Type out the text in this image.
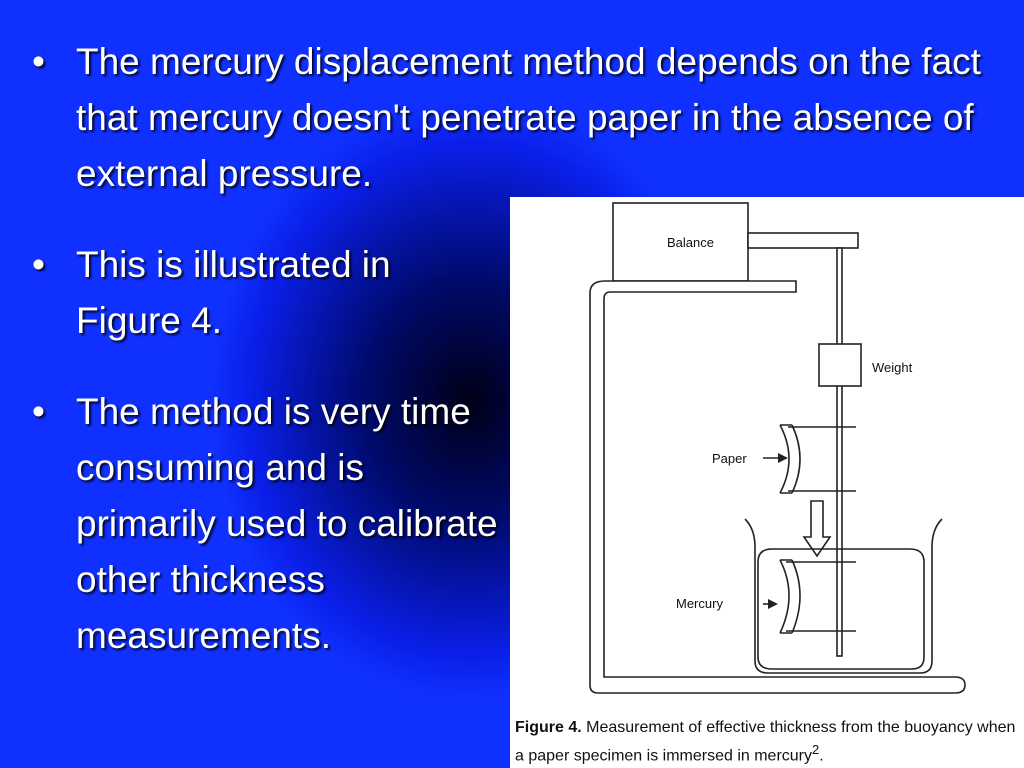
• The mercury displacement method depends on the fact that mercury doesn't penetrate paper in the absence of external pressure.
• This is illustrated in Figure 4.
• The method is very time consuming and is primarily used to calibrate other thickness measurements.
Balance
Weight
Paper
Mercury
Figure 4. Measurement of effective thickness from the buoyancy when a paper specimen is immersed in mercury$^2$.
